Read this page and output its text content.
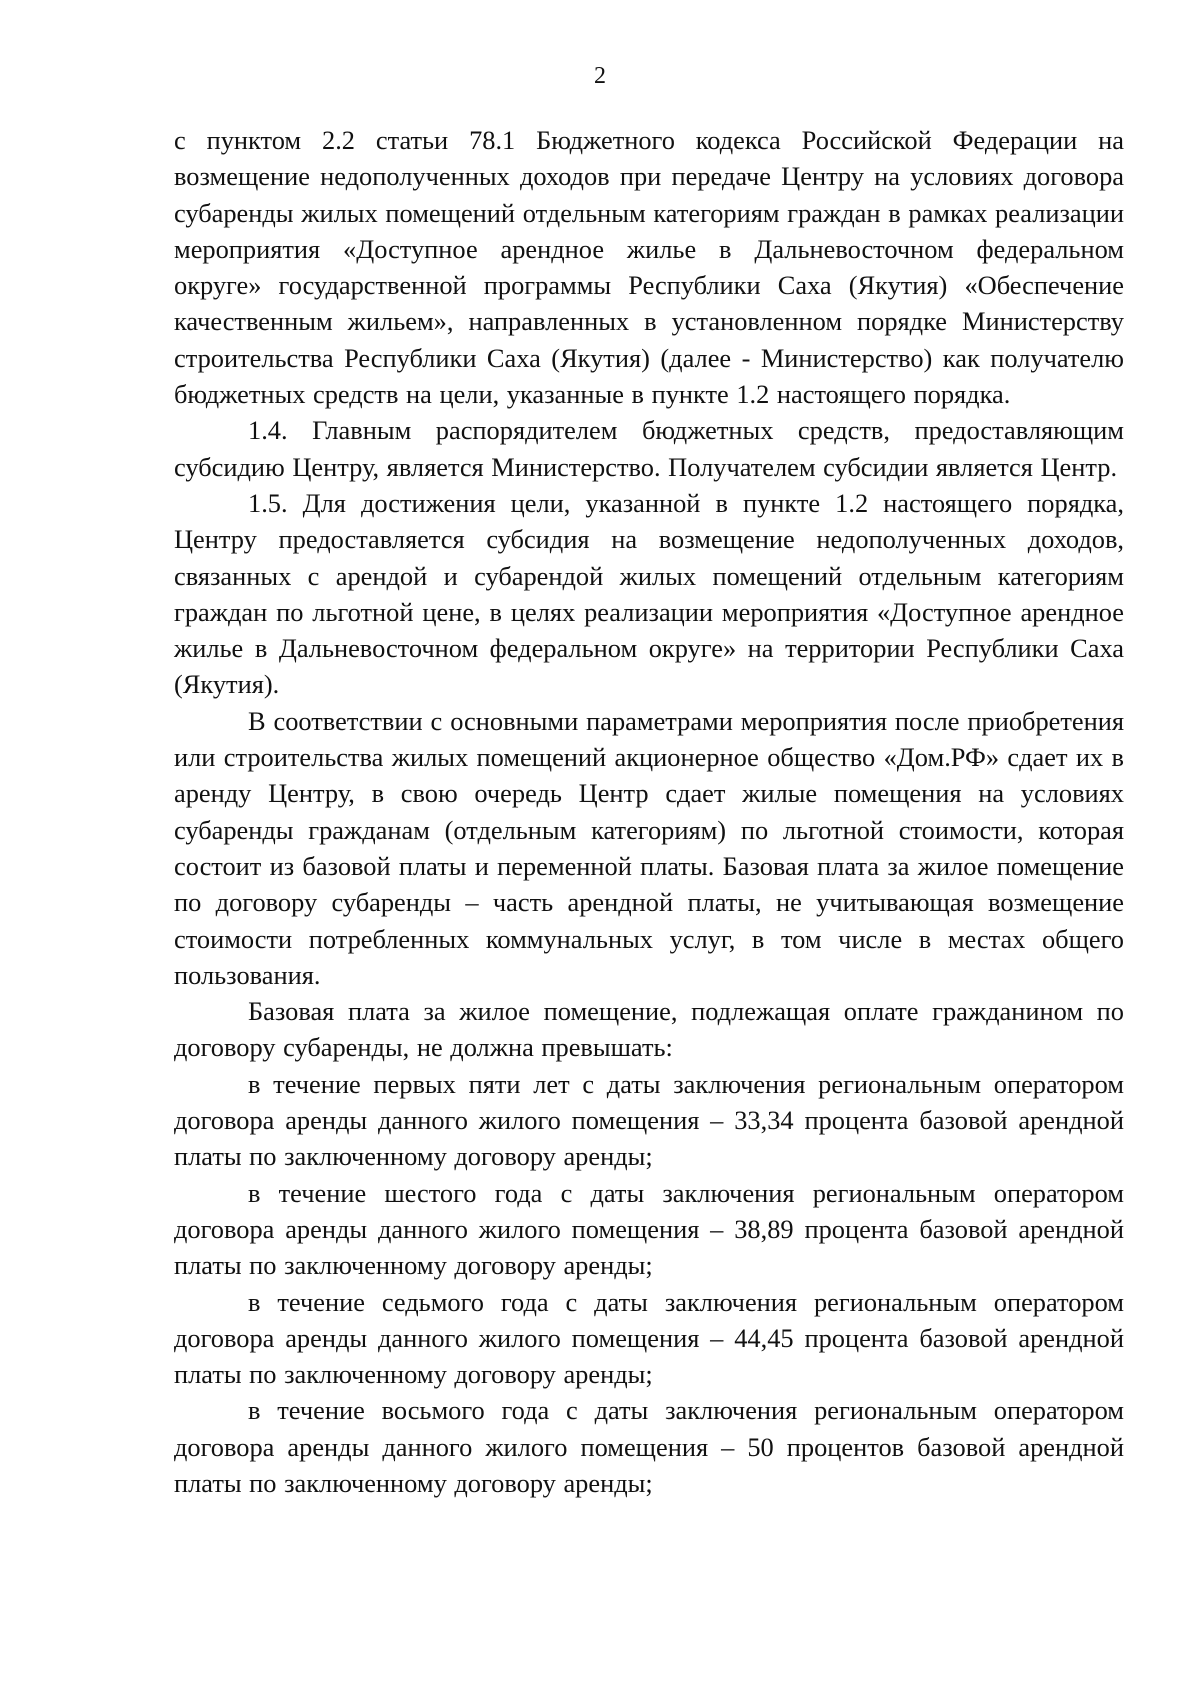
2

с пунктом 2.2 статьи 78.1 Бюджетного кодекса Российской Федерации на возмещение недополученных доходов при передаче Центру на условиях договора субаренды жилых помещений отдельным категориям граждан в рамках реализации мероприятия «Доступное арендное жилье в Дальневосточном федеральном округе» государственной программы Республики Саха (Якутия) «Обеспечение качественным жильем», направленных в установленном порядке Министерству строительства Республики Саха (Якутия) (далее - Министерство) как получателю бюджетных средств на цели, указанные в пункте 1.2 настоящего порядка.

1.4. Главным распорядителем бюджетных средств, предоставляющим субсидию Центру, является Министерство. Получателем субсидии является Центр.

1.5. Для достижения цели, указанной в пункте 1.2 настоящего порядка, Центру предоставляется субсидия на возмещение недополученных доходов, связанных с арендой и субарендой жилых помещений отдельным категориям граждан по льготной цене, в целях реализации мероприятия «Доступное арендное жилье в Дальневосточном федеральном округе» на территории Республики Саха (Якутия).

В соответствии с основными параметрами мероприятия после приобретения или строительства жилых помещений акционерное общество «Дом.РФ» сдает их в аренду Центру, в свою очередь Центр сдает жилые помещения на условиях субаренды гражданам (отдельным категориям) по льготной стоимости, которая состоит из базовой платы и переменной платы. Базовая плата за жилое помещение по договору субаренды – часть арендной платы, не учитывающая возмещение стоимости потребленных коммунальных услуг, в том числе в местах общего пользования.

Базовая плата за жилое помещение, подлежащая оплате гражданином по договору субаренды, не должна превышать:

в течение первых пяти лет с даты заключения региональным оператором договора аренды данного жилого помещения – 33,34 процента базовой арендной платы по заключенному договору аренды;

в течение шестого года с даты заключения региональным оператором договора аренды данного жилого помещения – 38,89 процента базовой арендной платы по заключенному договору аренды;

в течение седьмого года с даты заключения региональным оператором договора аренды данного жилого помещения – 44,45 процента базовой арендной платы по заключенному договору аренды;

в течение восьмого года с даты заключения региональным оператором договора аренды данного жилого помещения – 50 процентов базовой арендной платы по заключенному договору аренды;
